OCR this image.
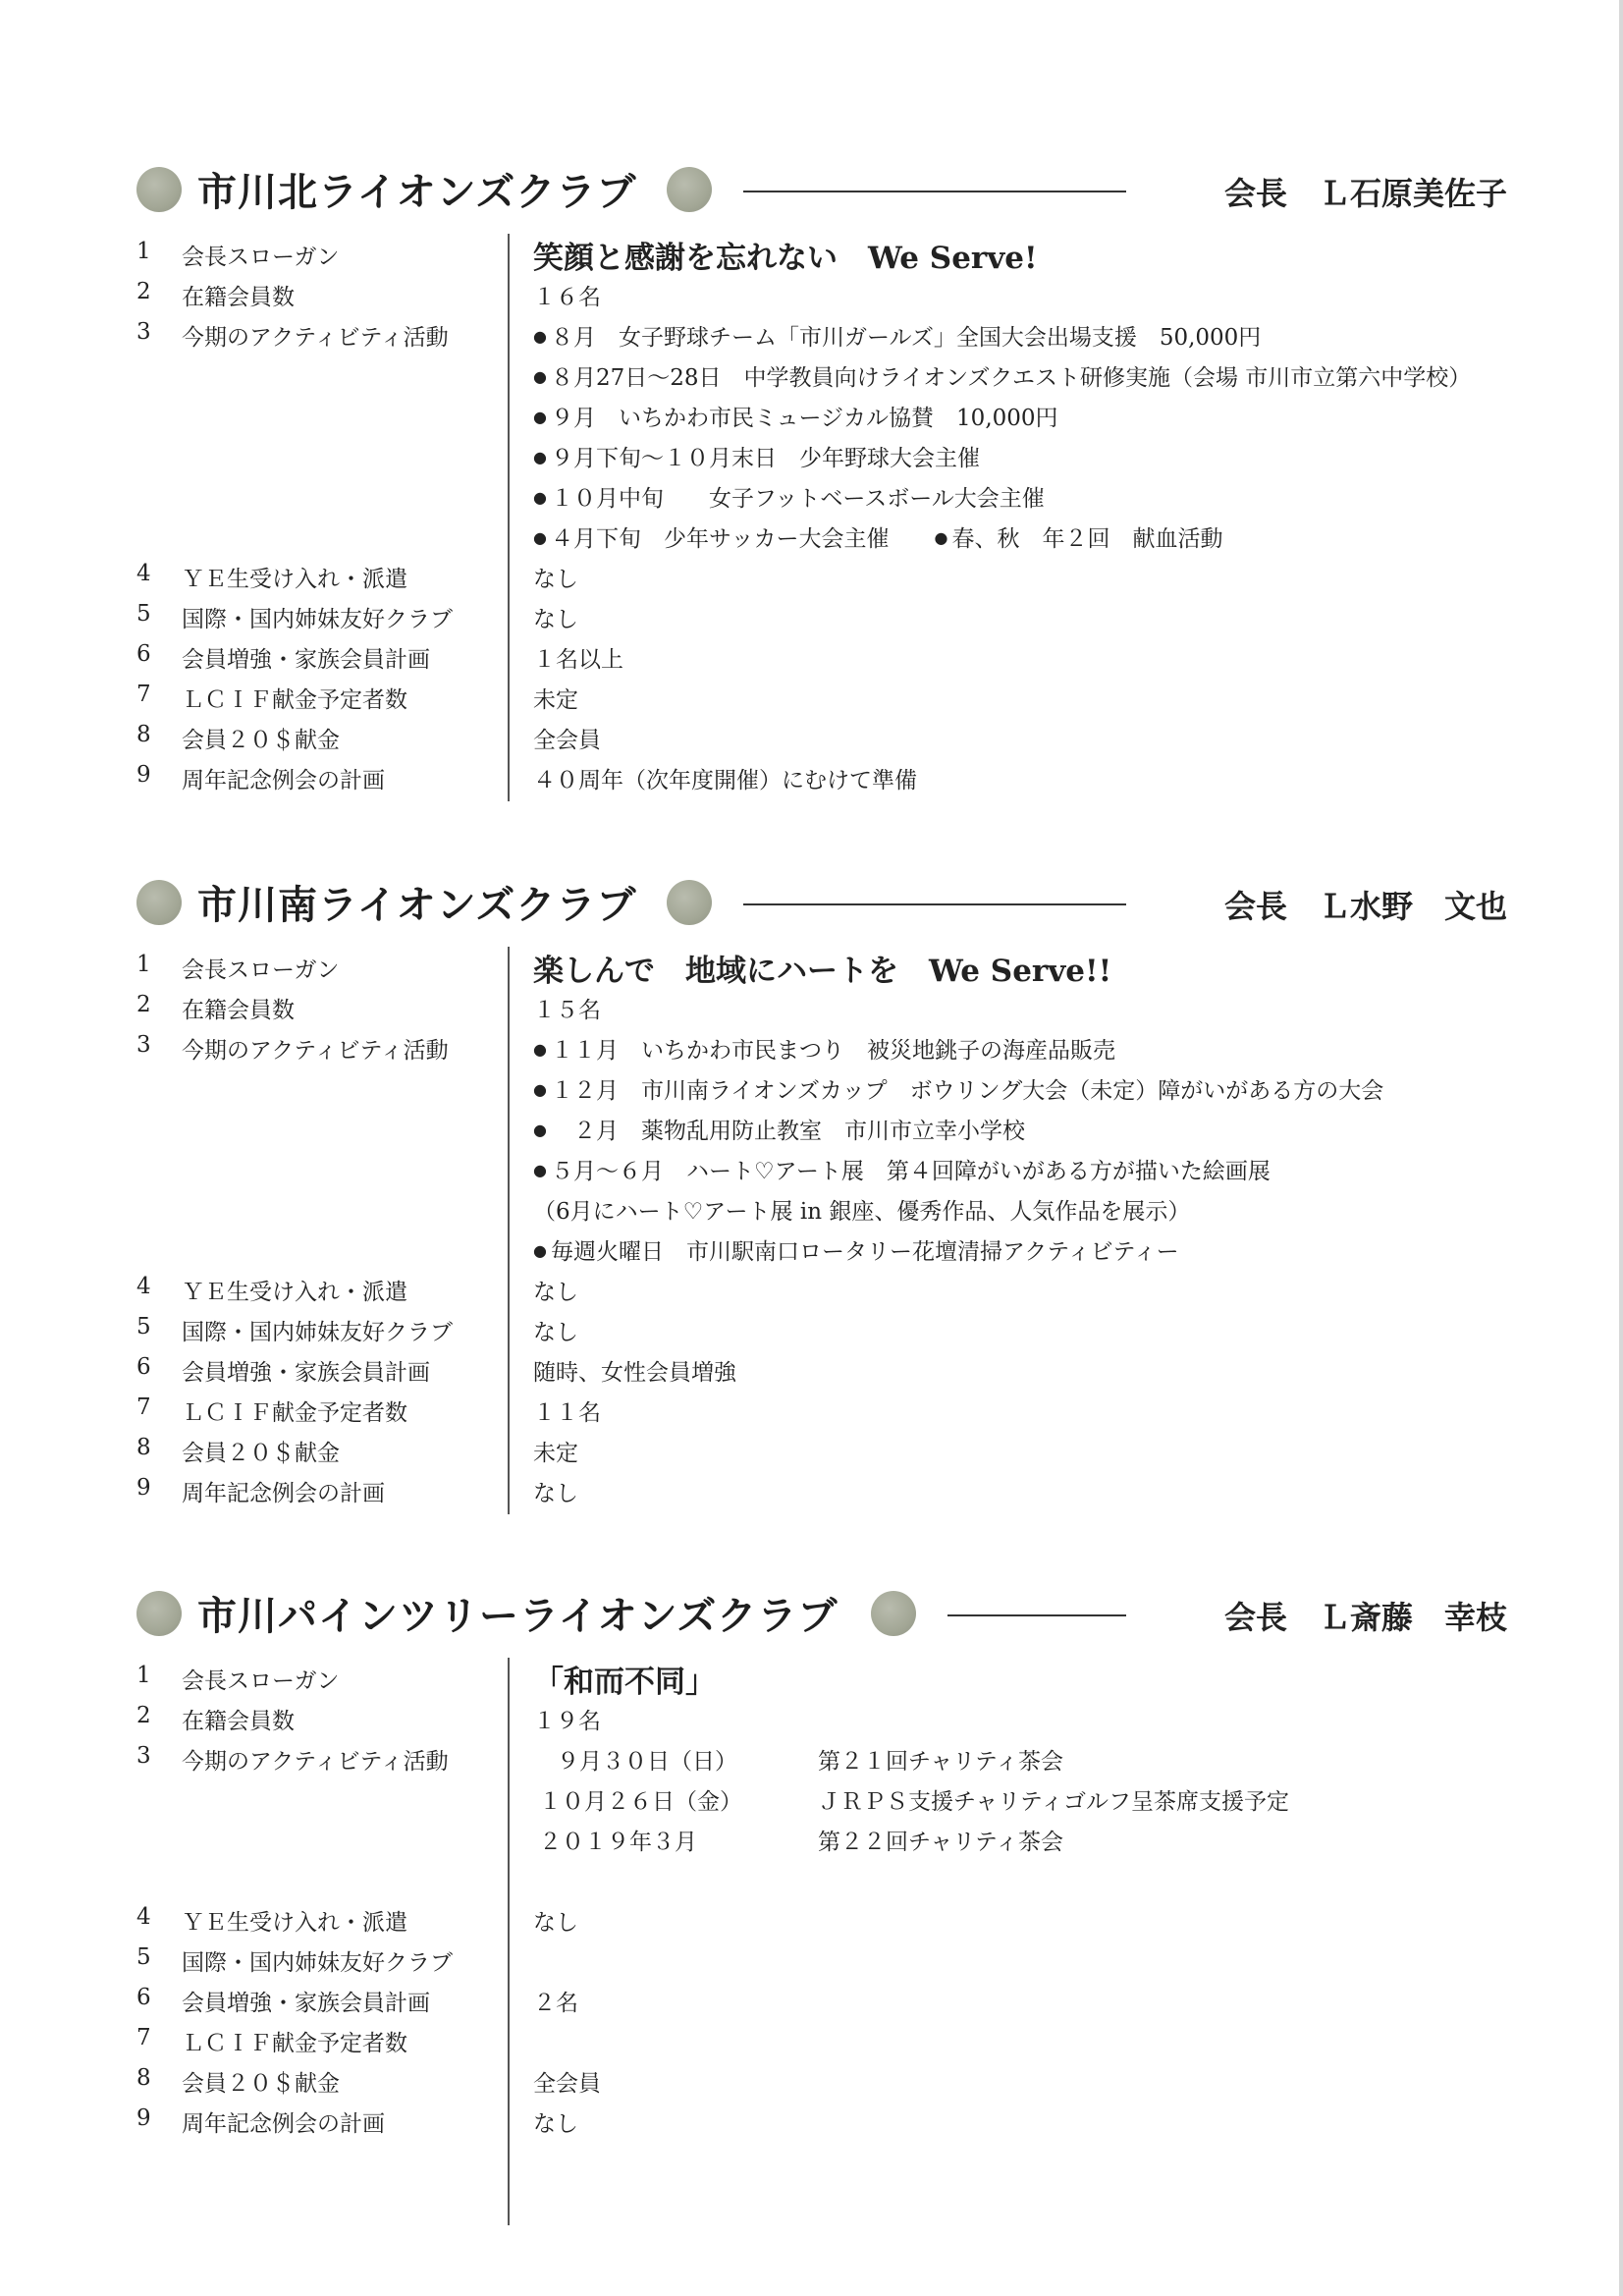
市川北ライオンズクラブ	会長　Ｌ石原美佐子
1	会長スローガン	笑顔と感謝を忘れない　We Serve!
2	在籍会員数	１６名
3	今期のアクティビティ活動	● ８月　女子野球チーム「市川ガールズ」全国大会出場支援　50,000円
● ８月27日〜28日　中学教員向けライオンズクエスト研修実施（会場 市川市立第六中学校）
● ９月　いちかわ市民ミュージカル協賛　10,000円
● ９月下旬〜１０月末日　少年野球大会主催
● １０月中旬　　女子フットベースボール大会主催
● ４月下旬　少年サッカー大会主催　　● 春、秋　年２回　献血活動
4	ＹＥ生受け入れ・派遣	なし
5	国際・国内姉妹友好クラブ	なし
6	会員増強・家族会員計画	１名以上
7	ＬＣＩＦ献金予定者数	未定
8	会員２０＄献金	全会員
9	周年記念例会の計画	４０周年（次年度開催）にむけて準備
市川南ライオンズクラブ	会長　Ｌ水野　文也
1	会長スローガン	楽しんで　地域にハートを　We Serve!!
2	在籍会員数	１５名
3	今期のアクティビティ活動	● １１月　いちかわ市民まつり　被災地銚子の海産品販売
● １２月　市川南ライオンズカップ　ボウリング大会（未定）障がいがある方の大会
●　２月　薬物乱用防止教室　市川市立幸小学校
● ５月〜６月　ハート♡アート展　第４回障がいがある方が描いた絵画展
（6月にハート♡アート展 in 銀座、優秀作品、人気作品を展示）
● 毎週火曜日　市川駅南口ロータリー花壇清掃アクティビティー
4	ＹＥ生受け入れ・派遣	なし
5	国際・国内姉妹友好クラブ	なし
6	会員増強・家族会員計画	随時、女性会員増強
7	ＬＣＩＦ献金予定者数	１１名
8	会員２０＄献金	未定
9	周年記念例会の計画	なし
市川パインツリーライオンズクラブ	会長　Ｌ斎藤　幸枝
1	会長スローガン	「和而不同」
2	在籍会員数	１９名
3	今期のアクティビティ活動	９月３０日（日）	第２１回チャリティ茶会
１０月２６日（金）	ＪＲＰＳ支援チャリティゴルフ呈茶席支援予定
２０１９年３月	第２２回チャリティ茶会
4	ＹＥ生受け入れ・派遣	なし
5	国際・国内姉妹友好クラブ
6	会員増強・家族会員計画	２名
7	ＬＣＩＦ献金予定者数
8	会員２０＄献金	全会員
9	周年記念例会の計画	なし
